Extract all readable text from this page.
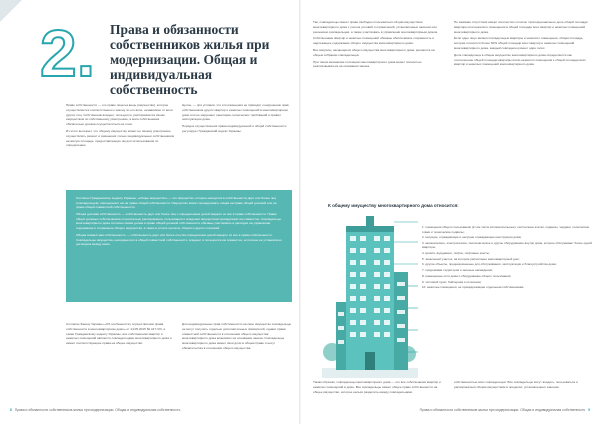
2. Права и обязанности собственников жилья при модернизации. Общая и индивидуальная собственность

Право собственности — это право лица на вещь (имущество), которое осуществляется соответственно к закону по его воле, независимо от воли других лиц. Собственник владеет, пользуется, распоряжается своим имуществом по собственному усмотрению, а воля собственника обязательно должна осуществляться на этом.

Из этого вытекает, что общему имуществу может не своему усмотрению осуществлять ремонт и изменения только индивидуальных собственников на жилую площадь, предоставленную им для использования по определению.

Целое, — при условии, что эти изменения не приводят к нарушению прав собственников других квартир и нежилых помещений в многоквартирном доме или не нарушают санитарно-технических требований и правил эксплуатации дома.

Порядок осуществления права индивидуальной и общей собственности регулирует Гражданский кодекс Украины.

Согласно Гражданскому кодексу Украины, «общее имущество» — это имущество, которое находится в собственности двух или более лиц (совладельцев), принадлежит им на праве общей собственности. Имущество может принадлежать лицам на праве общей долевой или на праве общей совместной собственности.

Общая долевая собственность — собственность двух или более лиц с определением долей каждого из них в праве собственности. Права общих долевых собственников относительно распоряжения, пользования и владения имуществом принадлежат им совместно. Совладельцы многоквартирного дома согласно своим долям в праве общей долевой собственности обязаны участвовать в расходах на управление, содержание и сохранение общего имущества, а также в уплате налогов, сборов и других платежей.

Общая совместная собственность — собственность двух или более лиц без определения долей каждого из них в праве собственности. Совладельцы имущества, находящегося в общей совместной собственности, владеют и пользуются им совместно, если иное не установлено договором между ними.

Согласно Закону Украины «Об особенностях осуществления права собственности в многоквартирном доме» от 14.05.2015 № 417-VIII, а также Гражданскому кодексу Украины, все собственники квартир и нежилых помещений являются совладельцами многоквартирного дома и имеют соответствующие права на общее имущество.

Для индивидуальных прав собственности на свое имущество совладельцы не могут получить отдельно дополнительных привилегий, однако права совместной собственности в отношении общего имущества многоквартирного дома возникают на основании закона. Совладельцы многоквартирного дома имеют свои доли в общем праве и несут обязательства в отношении общего имущества.

8 Права и обязанности собственников жилья при модернизации. Общая и индивидуальная собственность

Так, совладельцы имеют право свободно пользоваться общим имуществом многоквартирного дома с учетом условий и ограничений, установленных законом или решением совладельцев, а также участвовать в управлении многоквартирным домом.

Собственники квартир и нежилых помещений обязаны обеспечивать сохранность и надлежащее содержание общего имущества многоквартирного дома.

Все вопросы, касающиеся общего имущества многоквартирного дома, решаются на общем собрании совладельцев.

При таком механизме потенциал многоквартирного дома может полностью реализовываться на основании закона.

Не занимая отсутствия имеют количество голосов, пропорциональное доле общей площади квартиры или нежилого помещения в общей площади всех квартир и нежилых помещений многоквартирного дома.

Если одно лицо является владельцем квартиры и нежилого помещения, общая площадь, которая относится более 50% общей площади всех квартир и нежилых помещений многоквартирного дома, каждый совладелец имеет один голос.

Доля совладельца в общем имуществе многоквартирного дома определяется как соотношение общей площади квартиры и/или нежилого помещения к общей площади всех квартир и нежилых помещений многоквартирного дома.

К общему имуществу многоквартирного дома относится:
1. помещения общего пользования (в том числе вспомогательные), лестничные клетки, подвалы, чердаки, технические этажи и технические подвалы;
2. несущие, ограждающие и несущие ограждающие конструкции дома;
3. механическое, электрическое, сантехническое и другое оборудование внутри дома, которое обслуживает более одной квартиры;
4. кровля, фундамент, лифты, лифтовые шахты;
5. земельный участок, на котором расположен многоквартирный дом;
6. другие объекты, предназначенные для обслуживания, эксплуатации и благоустройства дома;
7. придомовая территория и зеленые насаждения;
8. инженерные сети дома и оборудование общего пользования;
9. тепловой пункт, бойлерная и котельная;
10. нежилые помещения, не принадлежащие отдельным собственникам.

Таким образом, совладельцы многоквартирного дома — это все собственники квартир и нежилых помещений в доме. Все совладельцы имеют общее право собственности на общее имущество, которое нельзя разделить между совладельцами.

собственностью всех совладельцев. Все совладельцы могут владеть, пользоваться и распоряжаться общим имуществом в пределах, установленных законом.

Права и обязанности собственников жилья при модернизации. Общая и индивидуальная собственность 9
